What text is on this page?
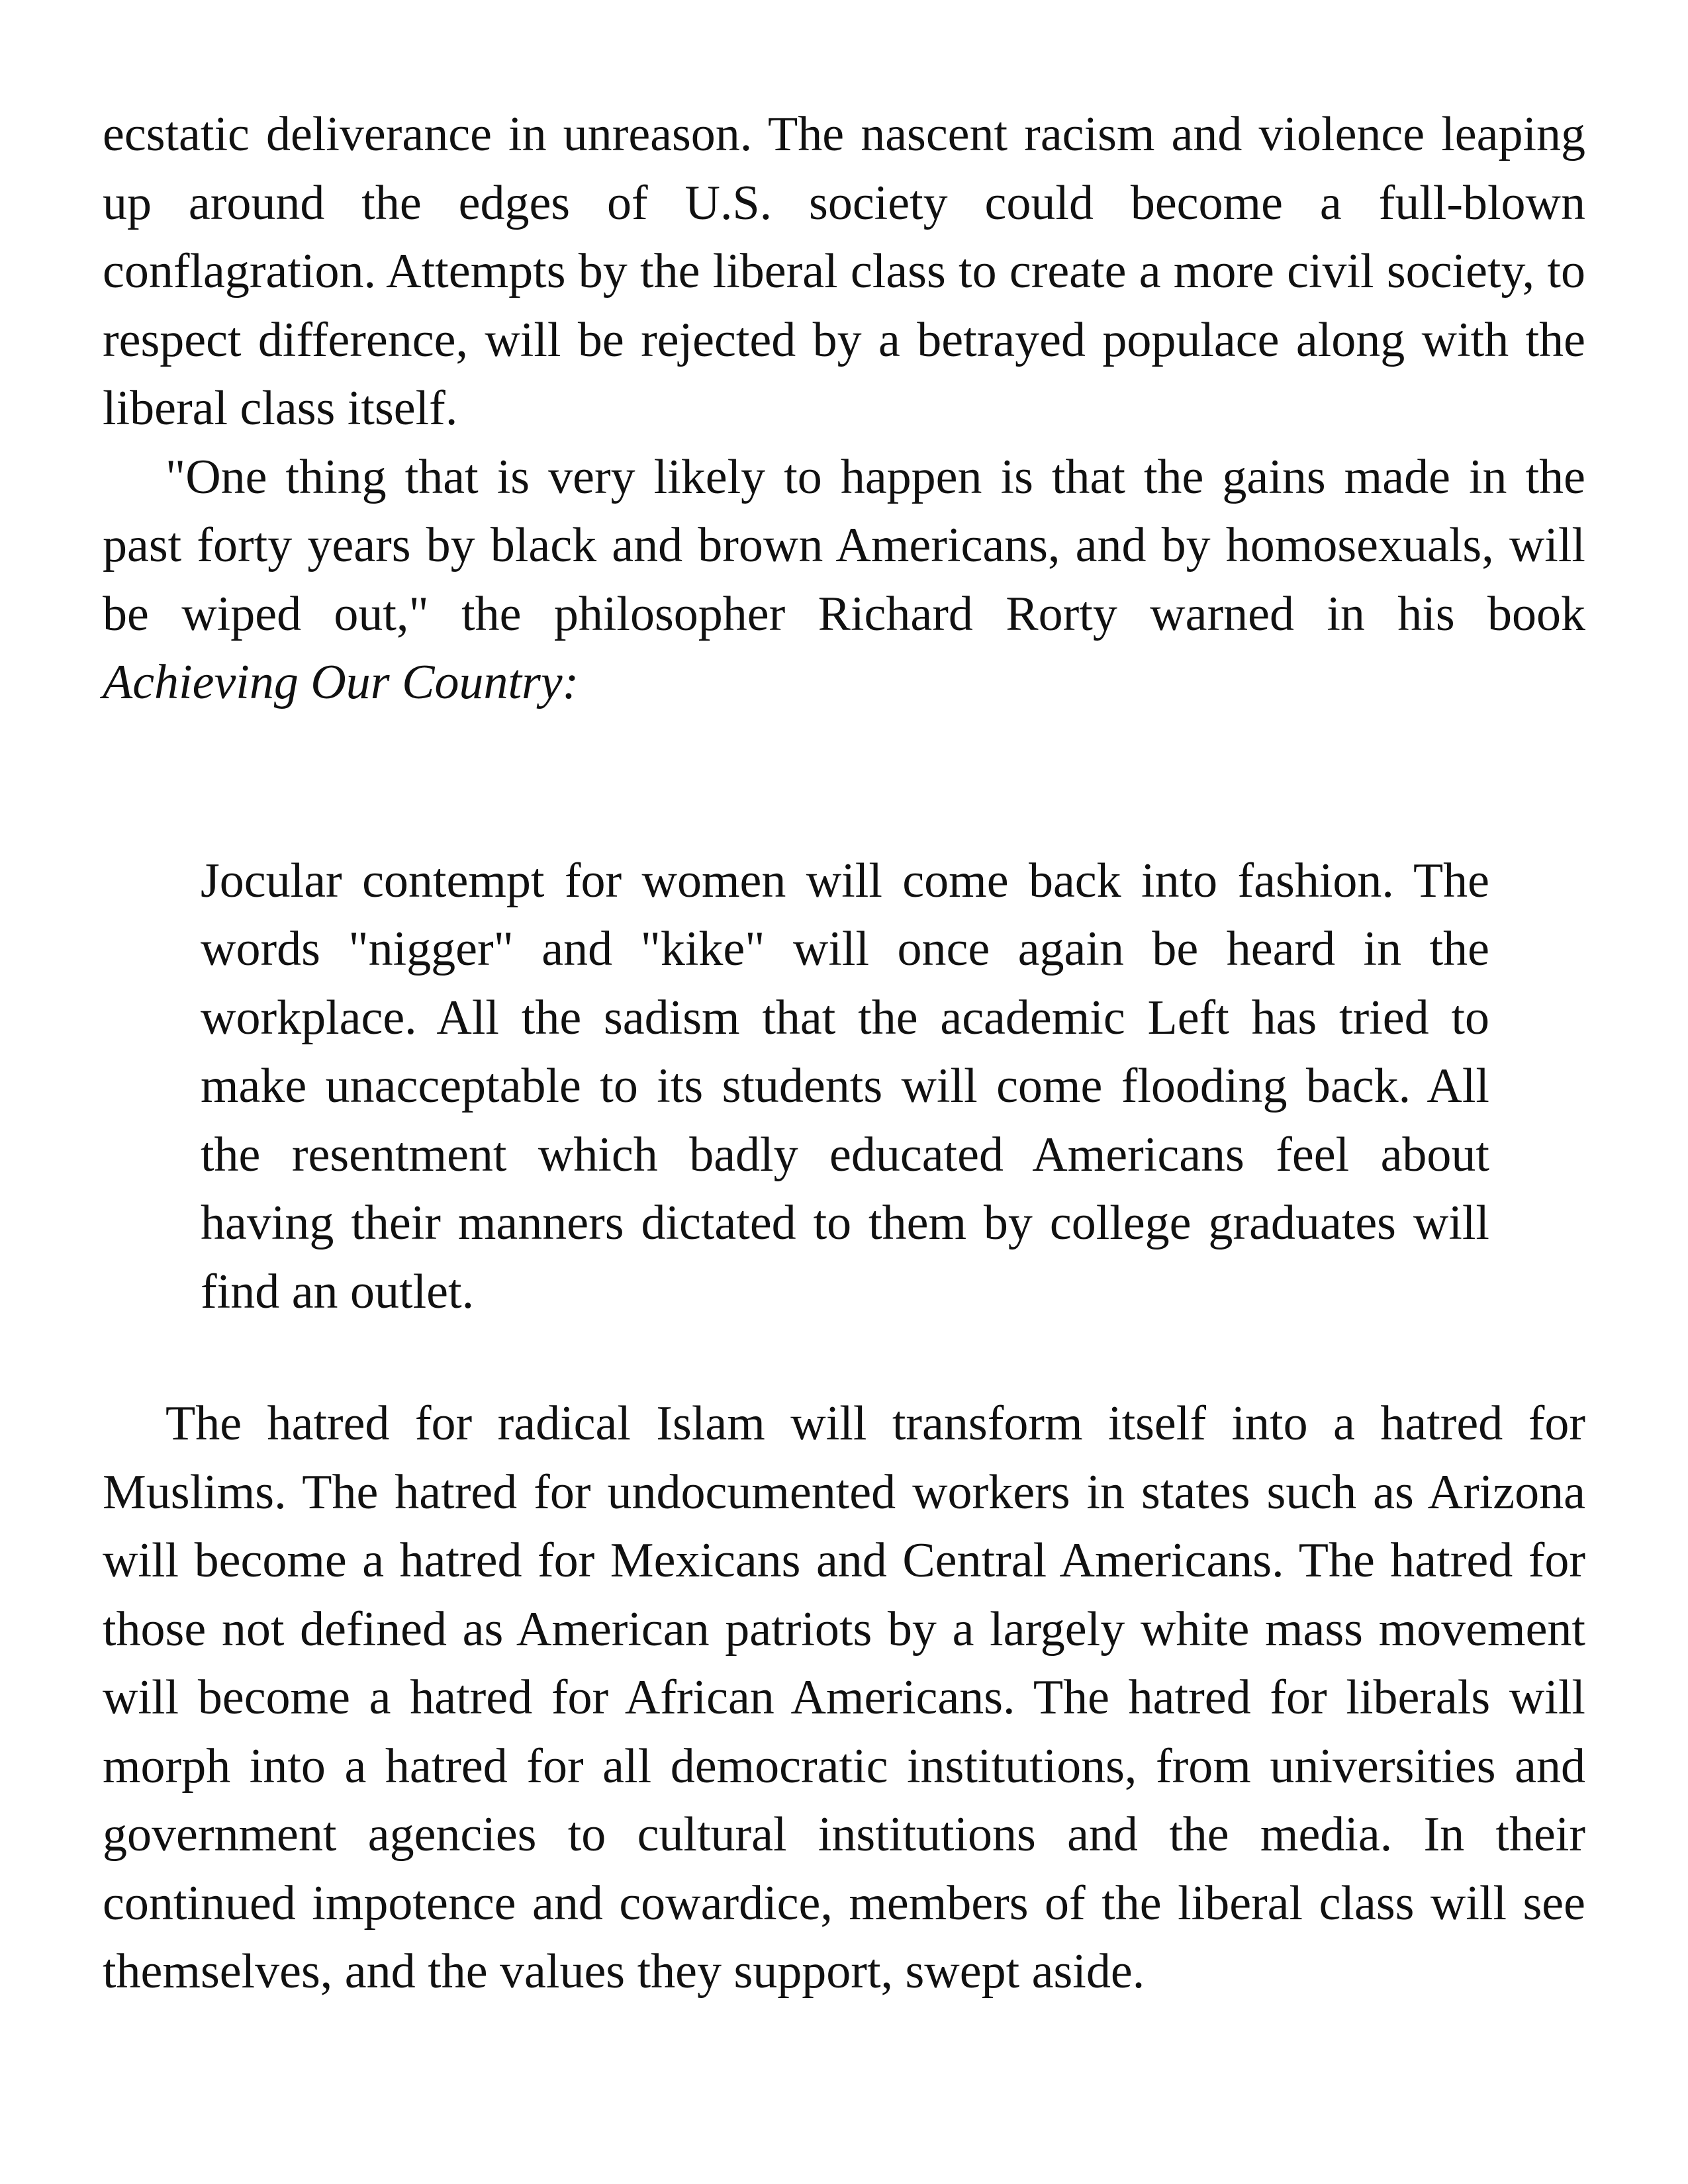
ecstatic deliverance in unreason. The nascent racism and violence leaping up around the edges of U.S. society could become a full-blown conflagration. Attempts by the liberal class to create a more civil society, to respect difference, will be rejected by a betrayed populace along with the liberal class itself.

"One thing that is very likely to happen is that the gains made in the past forty years by black and brown Americans, and by homosexuals, will be wiped out," the philosopher Richard Rorty warned in his book Achieving Our Country:

Jocular contempt for women will come back into fashion. The words "nigger" and "kike" will once again be heard in the workplace. All the sadism that the academic Left has tried to make unacceptable to its students will come flooding back. All the resentment which badly educated Americans feel about having their manners dictated to them by college graduates will find an outlet.

The hatred for radical Islam will transform itself into a hatred for Muslims. The hatred for undocumented workers in states such as Arizona will become a hatred for Mexicans and Central Americans. The hatred for those not defined as American patriots by a largely white mass movement will become a hatred for African Americans. The hatred for liberals will morph into a hatred for all democratic institutions, from universities and government agencies to cultural institutions and the media. In their continued impotence and cowardice, members of the liberal class will see themselves, and the values they support, swept aside.
